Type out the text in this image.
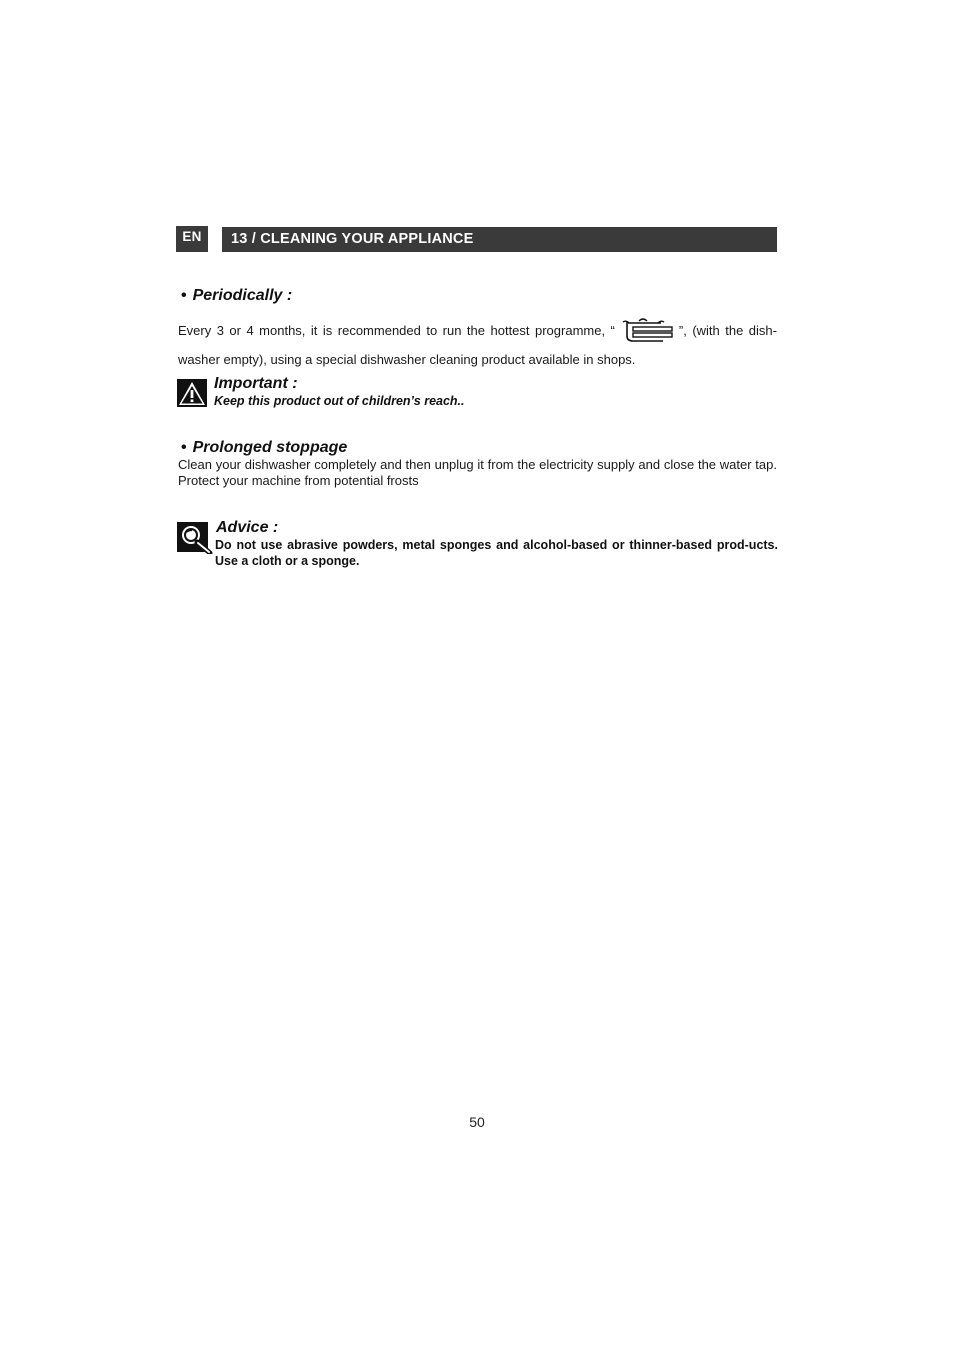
EN	13 / CLEANING YOUR APPLIANCE
• Periodically :
Every 3 or 4 months, it is recommended to run the hottest programme, “	”, (with the dish-washer empty), using a special dishwasher cleaning product available in shops.
Important :
Keep this product out of children’s reach..
• Prolonged stoppage
Clean your dishwasher completely and then unplug it from the electricity supply and close the water tap. Protect your machine from potential frosts
Advice :
Do not use abrasive powders, metal sponges and alcohol-based or thinner-based prod-ucts. Use a cloth or a sponge.
50
